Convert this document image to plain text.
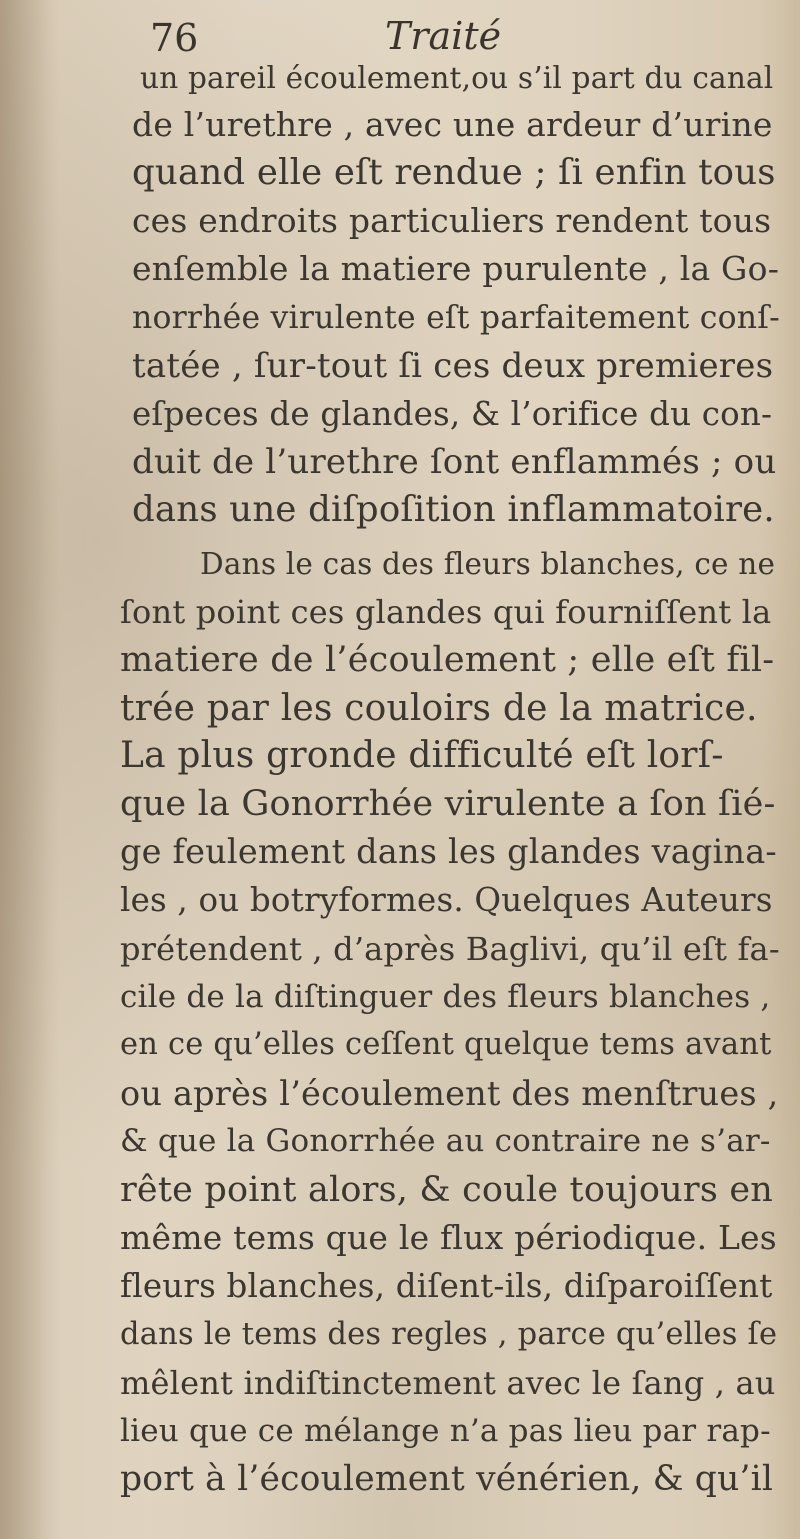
76	Traité
un pareil écoulement,ou s’il part du canal
de l’urethre , avec une ardeur d’urine
quand elle eſt rendue ; ſi enfin tous
ces endroits particuliers rendent tous
enſemble la matiere purulente , la Go-
norrhée virulente eſt parfaitement conſ-
tatée , ſur-tout ſi ces deux premieres
eſpeces de glandes, & l’orifice du con-
duit de l’urethre ſont enflammés ; ou
dans une diſpoſition inflammatoire.
Dans le cas des fleurs blanches, ce ne
ſont point ces glandes qui fourniſſent la
matiere de l’écoulement ; elle eſt fil-
trée par les couloirs de la matrice.
La plus gronde difficulté eſt lorſ-
que la Gonorrhée virulente a ſon ſié-
ge feulement dans les glandes vagina-
les , ou botryformes. Quelques Auteurs
prétendent , d’après Baglivi, qu’il eſt fa-
cile de la diſtinguer des fleurs blanches ,
en ce qu’elles ceſſent quelque tems avant
ou après l’écoulement des menſtrues ,
& que la Gonorrhée au contraire ne s’ar-
rête point alors, & coule toujours en
même tems que le flux périodique. Les
fleurs blanches, diſent-ils, diſparoiſſent
dans le tems des regles , parce qu’elles ſe
mêlent indiſtinctement avec le ſang , au
lieu que ce mélange n’a pas lieu par rap-
port à l’écoulement vénérien, & qu’il
